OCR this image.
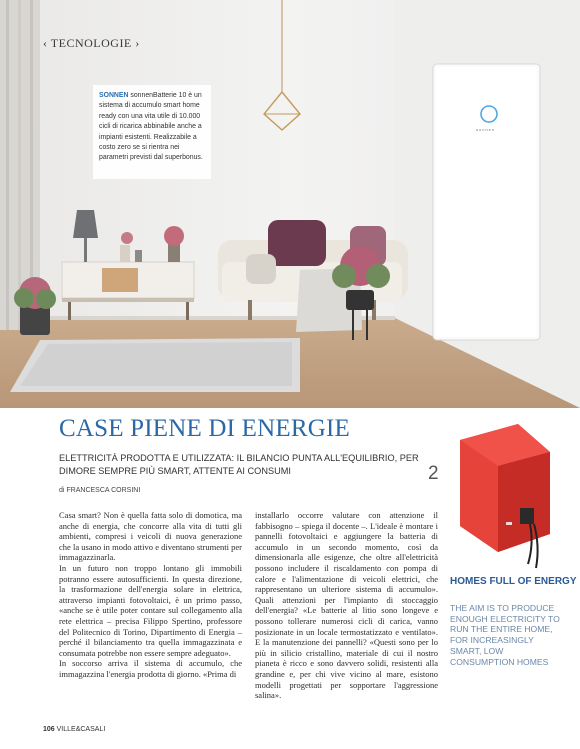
‹ TECNOLOGIE ›
sonnen
SONNEN sonnenBatterie 10 è un sistema di accumulo smart home ready con una vita utile di 10.000 cicli di ricarica abbinabile anche a impianti esistenti. Realizzabile a costo zero se si rientra nei parametri previsti dal superbonus.
CASE PIENE DI ENERGIE
ELETTRICITÀ PRODOTTA E UTILIZZATA: IL BILANCIO PUNTA ALL'EQUILIBRIO, PER DIMORE SEMPRE PIÙ SMART, ATTENTE AI CONSUMI
di FRANCESCA CORSINI
2

Casa smart? Non è quella fatta solo di domotica, ma anche di energia, che concorre alla vita di tutti gli ambienti, compresi i veicoli di nuova generazione che la usano in modo attivo e diventano strumenti per immagazzinarla.

In un futuro non troppo lontano gli immobili potranno essere autosufficienti. In questa direzione, la trasformazione dell'energia solare in elettrica, attraverso impianti fotovoltaici, è un primo passo, «anche se è utile poter contare sul collegamento alla rete elettrica – precisa Filippo Spertino, professore del Politecnico di Torino, Dipartimento di Energia – perché il bilanciamento tra quella immagazzinata e consumata potrebbe non essere sempre adeguato».

In soccorso arriva il sistema di accumulo, che immagazzina l'energia prodotta di giorno. «Prima di

installarlo occorre valutare con attenzione il fabbisogno – spiega il docente –. L'ideale è montare i pannelli fotovoltaici e aggiungere la batteria di accumulo in un secondo momento, così da dimensionarla alle esigenze, che oltre all'elettricità possono includere il riscaldamento con pompa di calore e l'alimentazione di veicoli elettrici, che rappresentano un ulteriore sistema di accumulo». Quali attenzioni per l'impianto di stoccaggio dell'energia? «Le batterie al litio sono longeve e possono tollerare numerosi cicli di carica, vanno posizionate in un locale termostatizzato e ventilato». E la manutenzione dei pannelli? «Questi sono per lo più in silicio cristallino, materiale di cui il nostro pianeta è ricco e sono davvero solidi, resistenti alla grandine e, per chi vive vicino al mare, esistono modelli progettati per sopportare l'aggressione salina».

HOMES FULL OF ENERGY
THE AIM IS TO PRODUCE ENOUGH ELECTRICITY TO RUN THE ENTIRE HOME, FOR INCREASINGLY SMART, LOW CONSUMPTION HOMES
106 VILLE&CASALI
